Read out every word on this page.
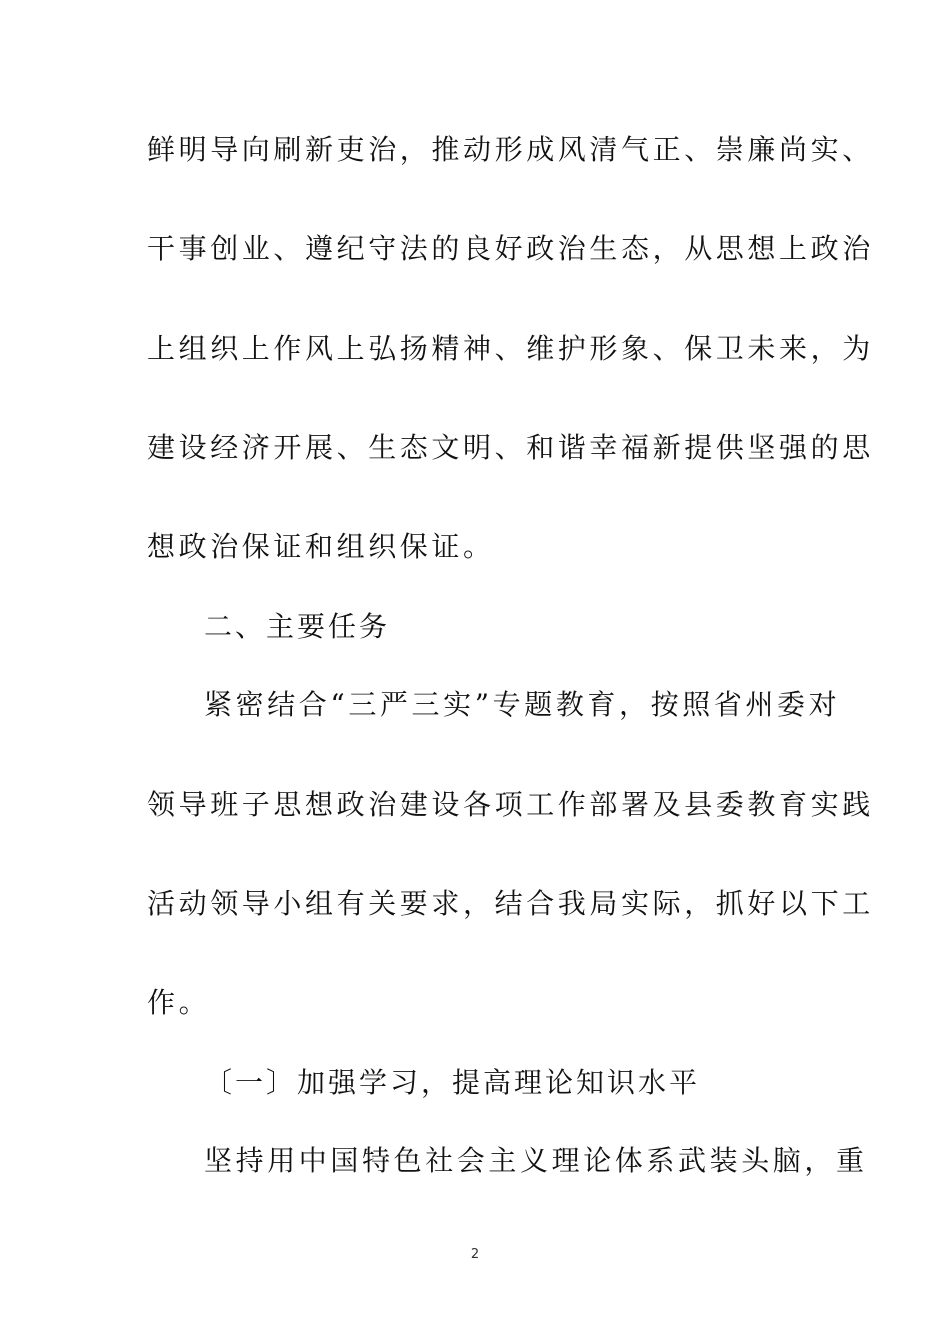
鲜明导向刷新吏治，推动形成风清气正、崇廉尚实、
干事创业、遵纪守法的良好政治生态，从思想上政治
上组织上作风上弘扬精神、维护形象、保卫未来，为
建设经济开展、生态文明、和谐幸福新提供坚强的思
想政治保证和组织保证。
二、主要任务
紧密结合“三严三实”专题教育，按照省州委对
领导班子思想政治建设各项工作部署及县委教育实践
活动领导小组有关要求，结合我局实际，抓好以下工
作。
〔一〕加强学习，提高理论知识水平
坚持用中国特色社会主义理论体系武装头脑，重
2
